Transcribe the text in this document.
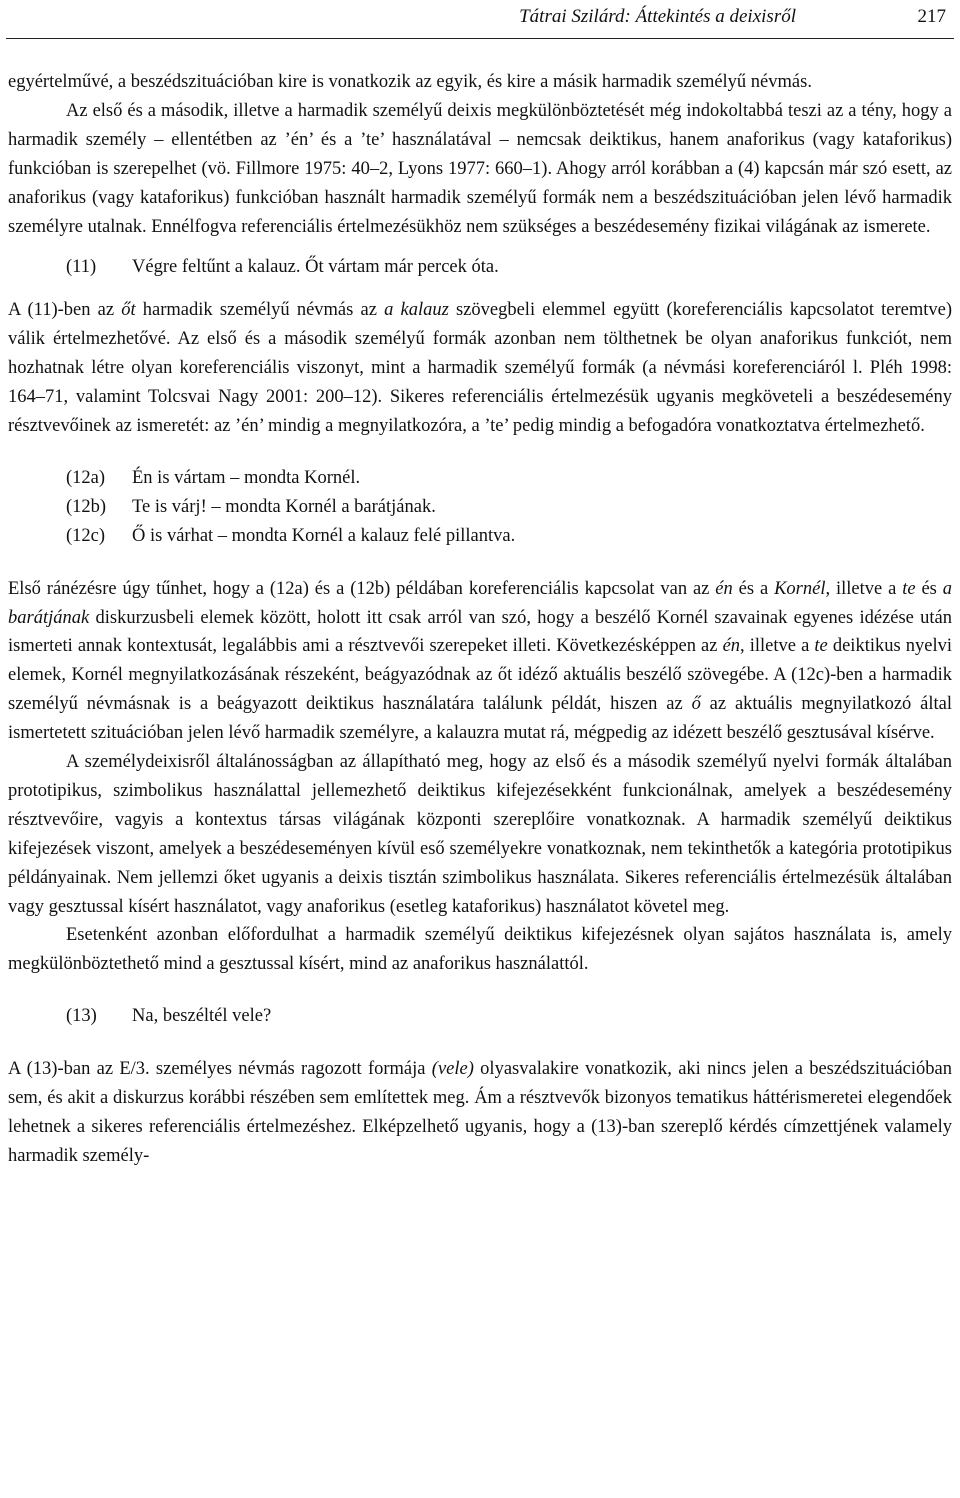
Tátrai Szilárd: Áttekintés a deixisről	217

egyértelművé, a beszédszituációban kire is vonatkozik az egyik, és kire a másik harmadik személyű névmás.

Az első és a második, illetve a harmadik személyű deixis megkülönböztetését még indokoltabbá teszi az a tény, hogy a harmadik személy – ellentétben az ’én’ és a ’te’ használatával – nemcsak deiktikus, hanem anaforikus (vagy kataforikus) funkcióban is szerepelhet (vö. Fillmore 1975: 40–2, Lyons 1977: 660–1). Ahogy arról korábban a (4) kapcsán már szó esett, az anaforikus (vagy kataforikus) funkcióban használt harmadik személyű formák nem a beszédszituációban jelen lévő harmadik személyre utalnak. Ennélfogva referenciális értelmezésükhöz nem szükséges a beszédesemény fizikai világának az ismerete.

(11)	Végre feltűnt a kalauz. Őt vártam már percek óta.

A (11)-ben az őt harmadik személyű névmás az a kalauz szövegbeli elemmel együtt (koreferenciális kapcsolatot teremtve) válik értelmezhetővé. Az első és a második személyű formák azonban nem tölthetnek be olyan anaforikus funkciót, nem hozhatnak létre olyan koreferenciális viszonyt, mint a harmadik személyű formák (a névmási koreferenciáról l. Pléh 1998: 164–71, valamint Tolcsvai Nagy 2001: 200–12). Sikeres referenciális értelmezésük ugyanis megköveteli a beszédesemény résztvevőinek az ismeretét: az ’én’ mindig a megnyilatkozóra, a ’te’ pedig mindig a befogadóra vonatkoztatva értelmezhető.

(12a)	Én is vártam – mondta Kornél.
(12b)	Te is várj! – mondta Kornél a barátjának.
(12c)	Ő is várhat – mondta Kornél a kalauz felé pillantva.

Első ránézésre úgy tűnhet, hogy a (12a) és a (12b) példában koreferenciális kapcsolat van az én és a Kornél, illetve a te és a barátjának diskurzusbeli elemek között, holott itt csak arról van szó, hogy a beszélő Kornél szavainak egyenes idézése után ismerteti annak kontextusát, legalábbis ami a résztvevői szerepeket illeti. Következésképpen az én, illetve a te deiktikus nyelvi elemek, Kornél megnyilatkozásának részeként, beágyazódnak az őt idéző aktuális beszélő szövegébe. A (12c)-ben a harmadik személyű névmásnak is a beágyazott deiktikus használatára találunk példát, hiszen az ő az aktuális megnyilatkozó által ismertetett szituációban jelen lévő harmadik személyre, a kalauzra mutat rá, mégpedig az idézett beszélő gesztusával kísérve.

A személydeixisről általánosságban az állapítható meg, hogy az első és a második személyű nyelvi formák általában prototipikus, szimbolikus használattal jellemezhető deiktikus kifejezésekként funkcionálnak, amelyek a beszédesemény résztvevőire, vagyis a kontextus társas világának központi szereplőire vonatkoznak. A harmadik személyű deiktikus kifejezések viszont, amelyek a beszédeseményen kívül eső személyekre vonatkoznak, nem tekinthetők a kategória prototipikus példányainak. Nem jellemzi őket ugyanis a deixis tisztán szimbolikus használata. Sikeres referenciális értelmezésük általában vagy gesztussal kísért használatot, vagy anaforikus (esetleg kataforikus) használatot követel meg.

Esetenként azonban előfordulhat a harmadik személyű deiktikus kifejezésnek olyan sajátos használata is, amely megkülönböztethető mind a gesztussal kísért, mind az anaforikus használattól.

(13)	Na, beszéltél vele?

A (13)-ban az E/3. személyes névmás ragozott formája (vele) olyasvalakire vonatkozik, aki nincs jelen a beszédszituációban sem, és akit a diskurzus korábbi részében sem említettek meg. Ám a résztvevők bizonyos tematikus háttérismeretei elegendőek lehetnek a sikeres referenciális értelmezéshez. Elképzelhető ugyanis, hogy a (13)-ban szereplő kérdés címzettjének valamely harmadik személy-
